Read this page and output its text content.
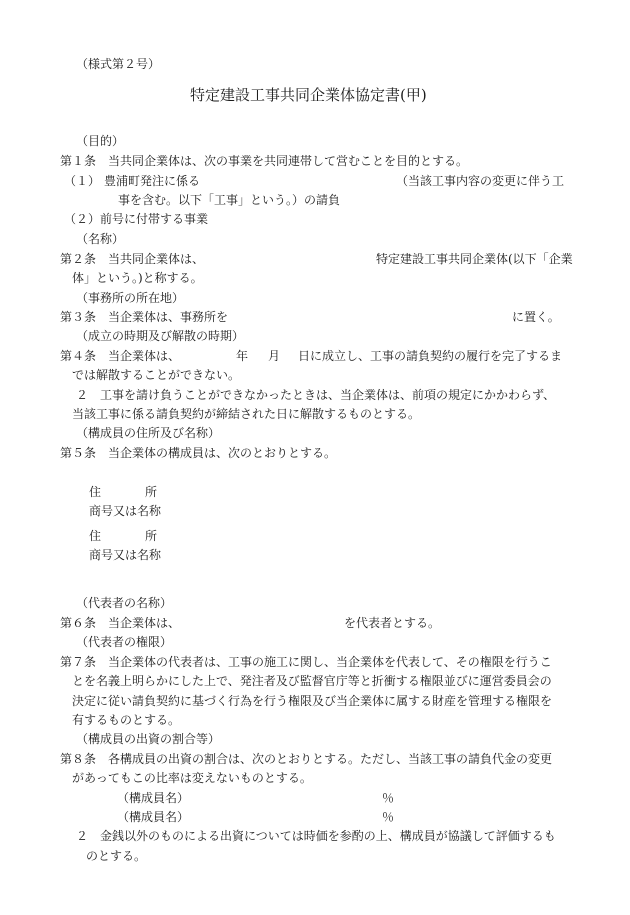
（様式第２号）
特定建設工事共同企業体協定書(甲)
（目的）
第１条　当共同企業体は、次の事業を共同連帯して営むことを目的とする。
（１） 豊浦町発注に係る	（当該工事内容の変更に伴う工
事を含む。以下「工事」という。）の請負
（２）前号に付帯する事業
（名称）
第２条　当共同企業体は、	特定建設工事共同企業体(以下「企業
体」という。)と称する。
（事務所の所在地）
第３条　当企業体は、事務所を	に置く。
（成立の時期及び解散の時期）
第４条　当企業体は、	年 月 日に成立し、工事の請負契約の履行を完了するま
では解散することができない。
２　工事を請け負うことができなかったときは、当企業体は、前項の規定にかかわらず、
当該工事に係る請負契約が締結された日に解散するものとする。
（構成員の住所及び名称）
第５条　当企業体の構成員は、次のとおりとする。
住	所
商号又は名称
住	所
商号又は名称
（代表者の名称）
第６条　当企業体は、	を代表者とする。
（代表者の権限）
第７条　当企業体の代表者は、工事の施工に関し、当企業体を代表して、その権限を行うこ
とを名義上明らかにした上で、発注者及び監督官庁等と折衝する権限並びに運営委員会の
決定に従い請負契約に基づく行為を行う権限及び当企業体に属する財産を管理する権限を
有するものとする。
（構成員の出資の割合等）
第８条　各構成員の出資の割合は、次のとおりとする。ただし、当該工事の請負代金の変更
があってもこの比率は変えないものとする。
（構成員名）	％
（構成員名）	％
２　金銭以外のものによる出資については時価を参酌の上、構成員が協議して評価するも
のとする。
